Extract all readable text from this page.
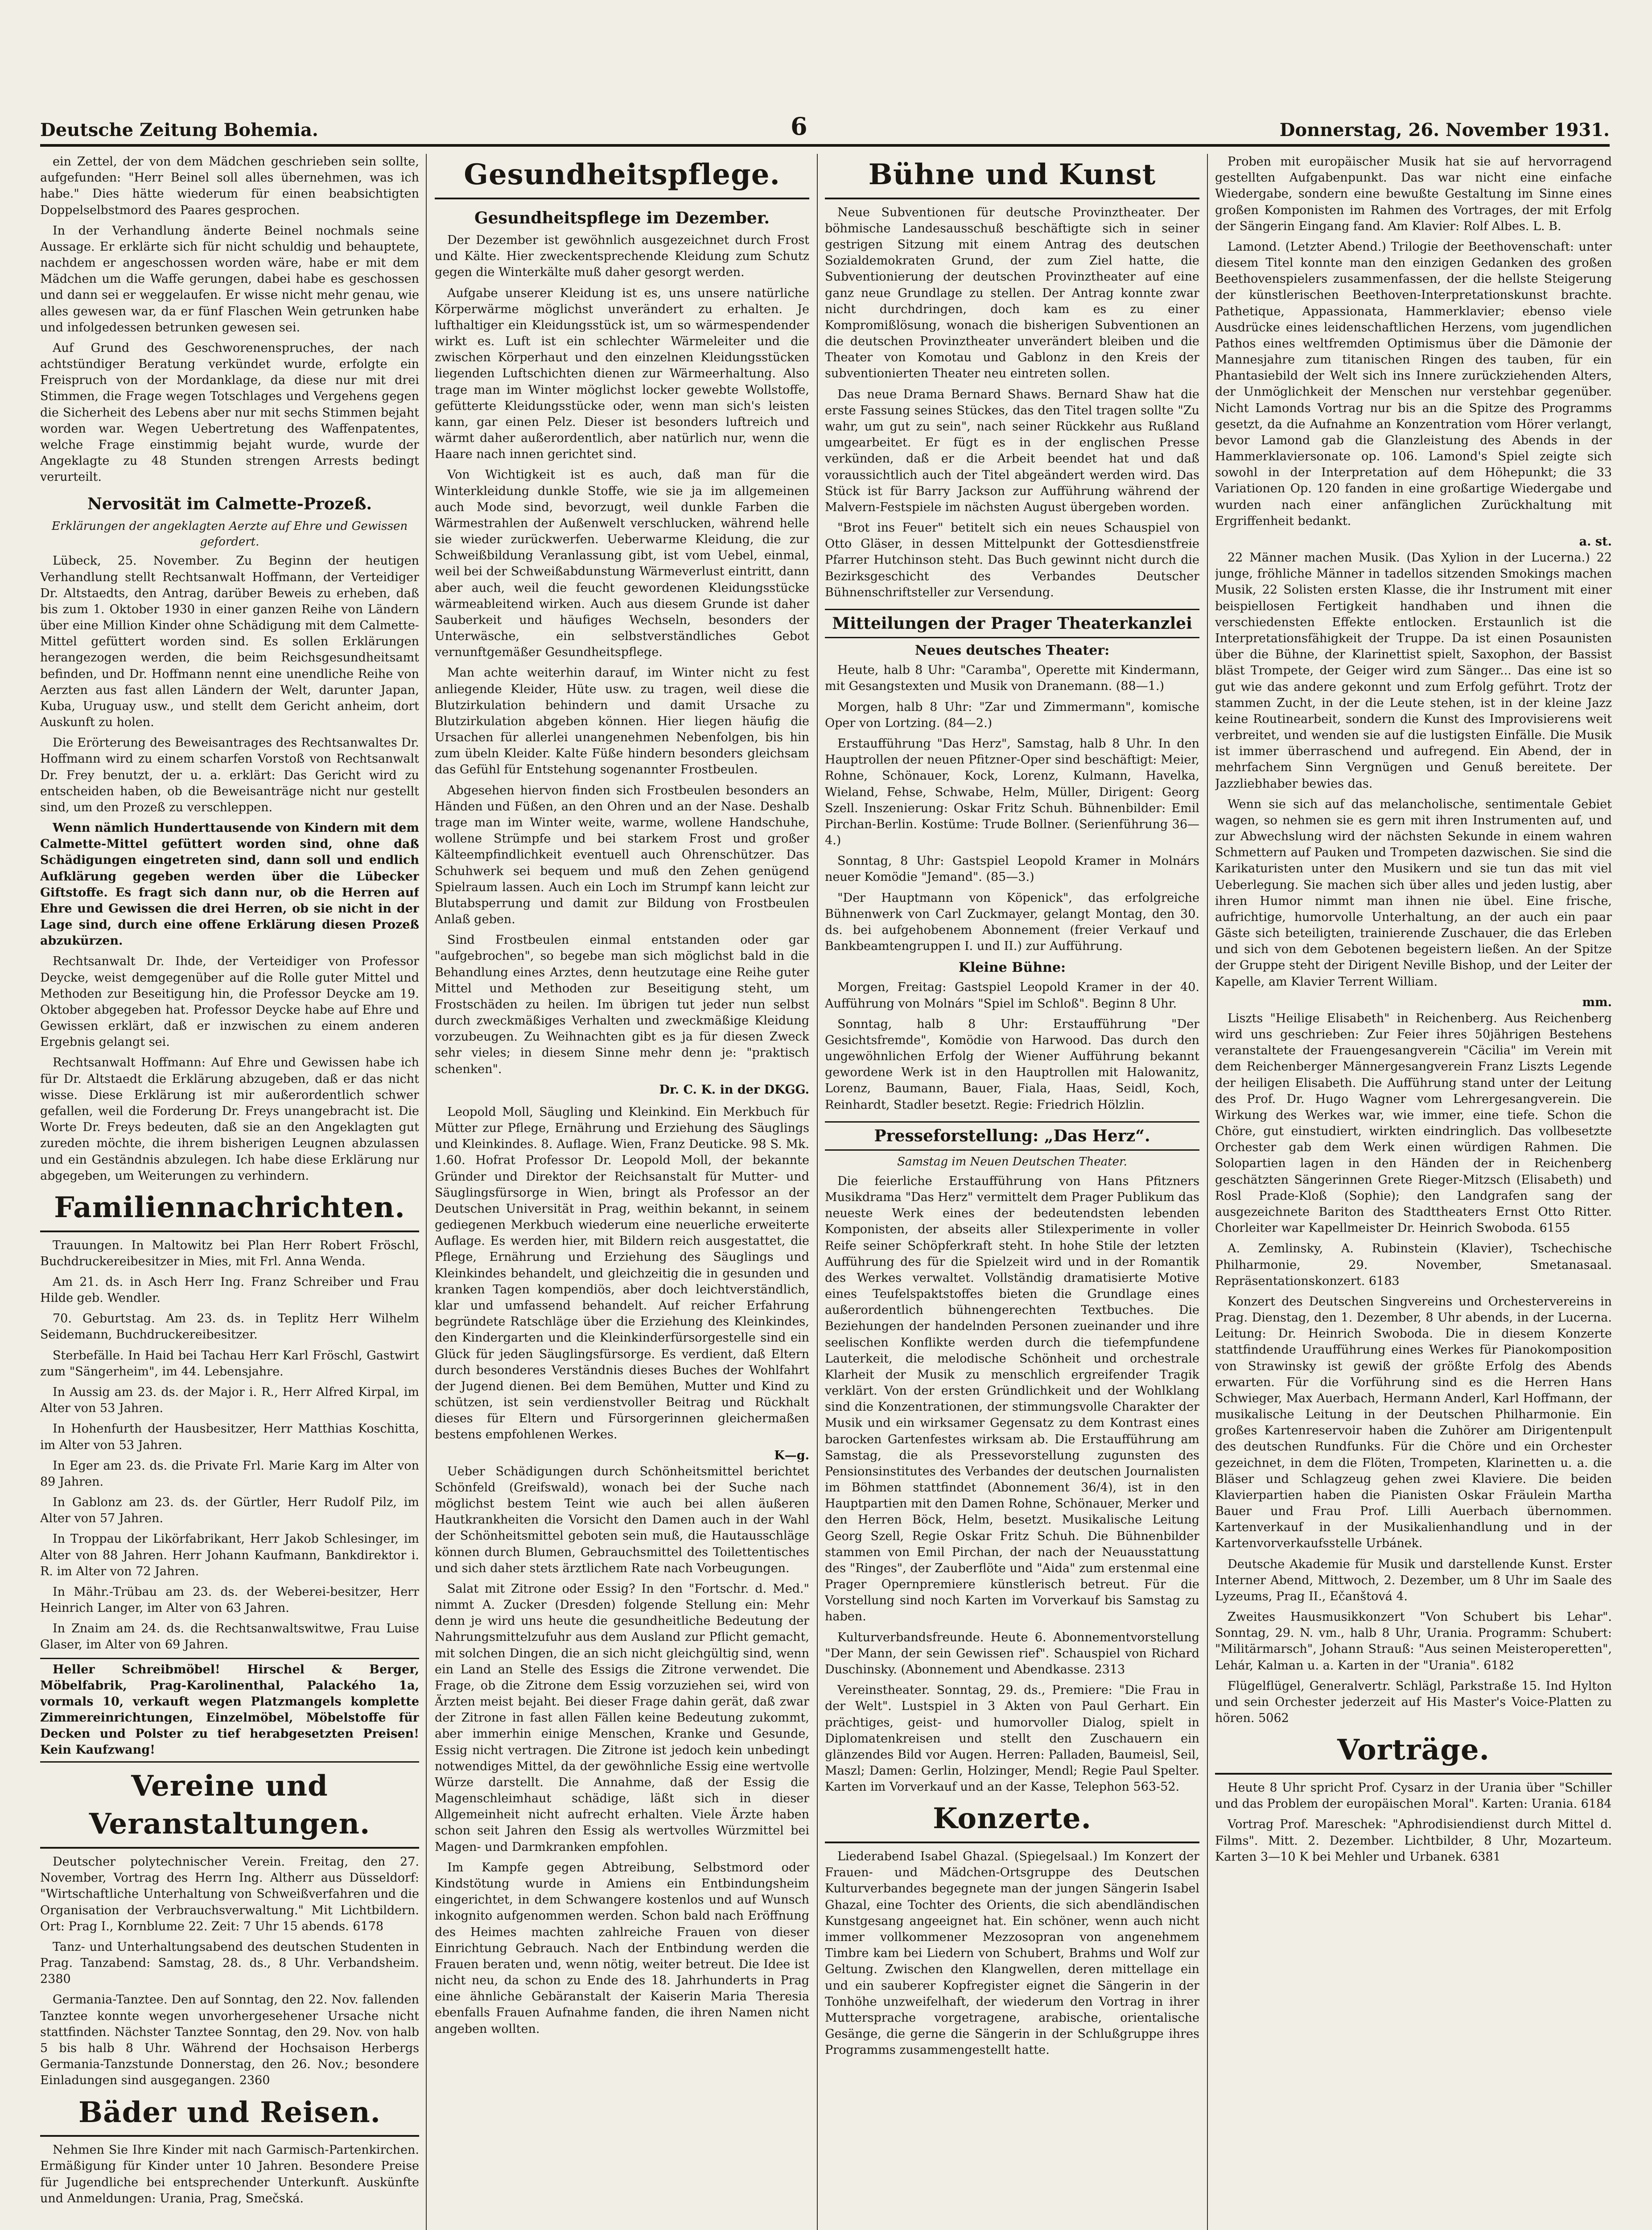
Deutsche Zeitung Bohemia.	6	Donnerstag, 26. November 1931.

ein Zettel, der von dem Mädchen geschrieben sein sollte, aufgefunden: "Herr Beinel soll alles übernehmen, was ich habe." Dies hätte wiederum für einen beabsichtigten Doppelselbstmord des Paares gesprochen.

In der Verhandlung änderte Beinel nochmals seine Aussage. Er erklärte sich für nicht schuldig und behauptete, nachdem er angeschossen worden wäre, habe er mit dem Mädchen um die Waffe gerungen, dabei habe es geschossen und dann sei er weggelaufen. Er wisse nicht mehr genau, wie alles gewesen war, da er fünf Flaschen Wein getrunken habe und infolgedessen betrunken gewesen sei.

Auf Grund des Geschworenenspruches, der nach achtstündiger Beratung verkündet wurde, erfolgte ein Freispruch von der Mordanklage, da diese nur mit drei Stimmen, die Frage wegen Totschlages und Vergehens gegen die Sicherheit des Lebens aber nur mit sechs Stimmen bejaht worden war. Wegen Uebertretung des Waffenpatentes, welche Frage einstimmig bejaht wurde, wurde der Angeklagte zu 48 Stunden strengen Arrests bedingt verurteilt.

Nervosität im Calmette-Prozeß.
Erklärungen der angeklagten Aerzte auf Ehre und Gewissen gefordert.

Lübeck, 25. November. Zu Beginn der heutigen Verhandlung stellt Rechtsanwalt Hoffmann, der Verteidiger Dr. Altstaedts, den Antrag, darüber Beweis zu erheben, daß bis zum 1. Oktober 1930 in einer ganzen Reihe von Ländern über eine Million Kinder ohne Schädigung mit dem Calmette-Mittel gefüttert worden sind. Es sollen Erklärungen herangezogen werden, die beim Reichsgesundheitsamt befinden, und Dr. Hoffmann nennt eine unendliche Reihe von Aerzten aus fast allen Ländern der Welt, darunter Japan, Kuba, Uruguay usw., und stellt dem Gericht anheim, dort Auskunft zu holen.

Die Erörterung des Beweisantrages des Rechtsanwaltes Dr. Hoffmann wird zu einem scharfen Vorstoß von Rechtsanwalt Dr. Frey benutzt, der u. a. erklärt: Das Gericht wird zu entscheiden haben, ob die Beweisanträge nicht nur gestellt sind, um den Prozeß zu verschleppen.

Wenn nämlich Hunderttausende von Kindern mit dem Calmette-Mittel gefüttert worden sind, ohne daß Schädigungen eingetreten sind, dann soll und endlich Aufklärung gegeben werden über die Lübecker Giftstoffe. Es fragt sich dann nur, ob die Herren auf Ehre und Gewissen die drei Herren, ob sie nicht in der Lage sind, durch eine offene Erklärung diesen Prozeß abzukürzen.

Rechtsanwalt Dr. Ihde, der Verteidiger von Professor Deycke, weist demgegenüber auf die Rolle guter Mittel und Methoden zur Beseitigung hin, die Professor Deycke am 19. Oktober abgegeben hat. Professor Deycke habe auf Ehre und Gewissen erklärt, daß er inzwischen zu einem anderen Ergebnis gelangt sei.

Rechtsanwalt Hoffmann: Auf Ehre und Gewissen habe ich für Dr. Altstaedt die Erklärung abzugeben, daß er das nicht wisse. Diese Erklärung ist mir außerordentlich schwer gefallen, weil die Forderung Dr. Freys unangebracht ist. Die Worte Dr. Freys bedeuten, daß sie an den Angeklagten gut zureden möchte, die ihrem bisherigen Leugnen abzulassen und ein Geständnis abzulegen. Ich habe diese Erklärung nur abgegeben, um Weiterungen zu verhindern.

Familiennachrichten.

Trauungen. In Maltowitz bei Plan Herr Robert Fröschl, Buchdruckereibesitzer in Mies, mit Frl. Anna Wenda.

Am 21. ds. in Asch Herr Ing. Franz Schreiber und Frau Hilde geb. Wendler.

70. Geburtstag. Am 23. ds. in Teplitz Herr Wilhelm Seidemann, Buchdruckereibesitzer.

Sterbefälle. In Haid bei Tachau Herr Karl Fröschl, Gastwirt zum "Sängerheim", im 44. Lebensjahre.

In Aussig am 23. ds. der Major i. R., Herr Alfred Kirpal, im Alter von 53 Jahren.

In Hohenfurth der Hausbesitzer, Herr Matthias Koschitta, im Alter von 53 Jahren.

In Eger am 23. ds. die Private Frl. Marie Karg im Alter von 89 Jahren.

In Gablonz am 23. ds. der Gürtler, Herr Rudolf Pilz, im Alter von 57 Jahren.

In Troppau der Likörfabrikant, Herr Jakob Schlesinger, im Alter von 88 Jahren. Herr Johann Kaufmann, Bankdirektor i. R. im Alter von 72 Jahren.

In Mähr.-Trübau am 23. ds. der Weberei-besitzer, Herr Heinrich Langer, im Alter von 63 Jahren.

In Znaim am 24. ds. die Rechtsanwaltswitwe, Frau Luise Glaser, im Alter von 69 Jahren.

Heller Schreibmöbel! Hirschel & Berger, Möbelfabrik, Prag-Karolinenthal, Palackého 1a, vormals 10, verkauft wegen Platzmangels komplette Zimmereinrichtungen, Einzelmöbel, Möbelstoffe für Decken und Polster zu tief herabgesetzten Preisen! Kein Kaufzwang!

Vereine und Veranstaltungen.

Deutscher polytechnischer Verein. Freitag, den 27. November, Vortrag des Herrn Ing. Altherr aus Düsseldorf: "Wirtschaftliche Unterhaltung von Schweißverfahren und die Organisation der Verbrauchsverwaltung." Mit Lichtbildern. Ort: Prag I., Kornblume 22. Zeit: 7 Uhr 15 abends. 6178

Tanz- und Unterhaltungsabend des deutschen Studenten in Prag. Tanzabend: Samstag, 28. ds., 8 Uhr. Verbandsheim. 2380

Germania-Tanztee. Den auf Sonntag, den 22. Nov. fallenden Tanztee konnte wegen unvorhergesehener Ursache nicht stattfinden. Nächster Tanztee Sonntag, den 29. Nov. von halb 5 bis halb 8 Uhr. Während der Hochsaison Herbergs Germania-Tanzstunde Donnerstag, den 26. Nov.; besondere Einladungen sind ausgegangen. 2360

Bäder und Reisen.

Nehmen Sie Ihre Kinder mit nach Garmisch-Partenkirchen. Ermäßigung für Kinder unter 10 Jahren. Besondere Preise für Jugendliche bei entsprechender Unterkunft. Auskünfte und Anmeldungen: Urania, Prag, Smečská.

Gesundheitspflege.
Gesundheitspflege im Dezember.

Der Dezember ist gewöhnlich ausgezeichnet durch Frost und Kälte. Hier zweckentsprechende Kleidung zum Schutz gegen die Winterkälte muß daher gesorgt werden.

Aufgabe unserer Kleidung ist es, uns unsere natürliche Körperwärme möglichst unverändert zu erhalten. Je lufthaltiger ein Kleidungsstück ist, um so wärmespendender wirkt es. Luft ist ein schlechter Wärmeleiter und die zwischen Körperhaut und den einzelnen Kleidungsstücken liegenden Luftschichten dienen zur Wärmeerhaltung. Also trage man im Winter möglichst locker gewebte Wollstoffe, gefütterte Kleidungsstücke oder, wenn man sich's leisten kann, gar einen Pelz. Dieser ist besonders luftreich und wärmt daher außerordentlich, aber natürlich nur, wenn die Haare nach innen gerichtet sind.

Von Wichtigkeit ist es auch, daß man für die Winterkleidung dunkle Stoffe, wie sie ja im allgemeinen auch Mode sind, bevorzugt, weil dunkle Farben die Wärmestrahlen der Außenwelt verschlucken, während helle sie wieder zurückwerfen. Ueberwarme Kleidung, die zur Schweißbildung Veranlassung gibt, ist vom Uebel, einmal, weil bei der Schweißabdunstung Wärmeverlust eintritt, dann aber auch, weil die feucht gewordenen Kleidungsstücke wärmeableitend wirken. Auch aus diesem Grunde ist daher Sauberkeit und häufiges Wechseln, besonders der Unterwäsche, ein selbstverständliches Gebot vernunftgemäßer Gesundheitspflege.

Man achte weiterhin darauf, im Winter nicht zu fest anliegende Kleider, Hüte usw. zu tragen, weil diese die Blutzirkulation behindern und damit Ursache zu Blutzirkulation abgeben können. Hier liegen häufig die Ursachen für allerlei unangenehmen Nebenfolgen, bis hin zum übeln Kleider. Kalte Füße hindern besonders gleichsam das Gefühl für Entstehung sogenannter Frostbeulen.

Abgesehen hiervon finden sich Frostbeulen besonders an Händen und Füßen, an den Ohren und an der Nase. Deshalb trage man im Winter weite, warme, wollene Handschuhe, wollene Strümpfe und bei starkem Frost und großer Kälteempfindlichkeit eventuell auch Ohrenschützer. Das Schuhwerk sei bequem und muß den Zehen genügend Spielraum lassen. Auch ein Loch im Strumpf kann leicht zur Blutabsperrung und damit zur Bildung von Frostbeulen Anlaß geben.

Sind Frostbeulen einmal entstanden oder gar "aufgebrochen", so begebe man sich möglichst bald in die Behandlung eines Arztes, denn heutzutage eine Reihe guter Mittel und Methoden zur Beseitigung steht, um Frostschäden zu heilen. Im übrigen tut jeder nun selbst durch zweckmäßiges Verhalten und zweckmäßige Kleidung vorzubeugen. Zu Weihnachten gibt es ja für diesen Zweck sehr vieles; in diesem Sinne mehr denn je: "praktisch schenken".

Dr. C. K. in der DKGG.

Leopold Moll, Säugling und Kleinkind. Ein Merkbuch für Mütter zur Pflege, Ernährung und Erziehung des Säuglings und Kleinkindes. 8. Auflage. Wien, Franz Deuticke. 98 S. Mk. 1.60. Hofrat Professor Dr. Leopold Moll, der bekannte Gründer und Direktor der Reichsanstalt für Mutter- und Säuglingsfürsorge in Wien, bringt als Professor an der Deutschen Universität in Prag, weithin bekannt, in seinem gediegenen Merkbuch wiederum eine neuerliche erweiterte Auflage. Es werden hier, mit Bildern reich ausgestattet, die Pflege, Ernährung und Erziehung des Säuglings und Kleinkindes behandelt, und gleichzeitig die in gesunden und kranken Tagen kompendiös, aber doch leichtverständlich, klar und umfassend behandelt. Auf reicher Erfahrung begründete Ratschläge über die Erziehung des Kleinkindes, den Kindergarten und die Kleinkinderfürsorgestelle sind ein Glück für jeden Säuglingsfürsorge. Es verdient, daß Eltern durch besonderes Verständnis dieses Buches der Wohlfahrt der Jugend dienen. Bei dem Bemühen, Mutter und Kind zu schützen, ist sein verdienstvoller Beitrag und Rückhalt dieses für Eltern und Fürsorgerinnen gleichermaßen bestens empfohlenen Werkes.

K—g.

Ueber Schädigungen durch Schönheitsmittel berichtet Schönfeld (Greifswald), wonach bei der Suche nach möglichst bestem Teint wie auch bei allen äußeren Hautkrankheiten die Vorsicht den Damen auch in der Wahl der Schönheitsmittel geboten sein muß, die Hautausschläge können durch Blumen, Gebrauchsmittel des Toilettentisches und sich daher stets ärztlichem Rate nach Vorbeugungen.

Salat mit Zitrone oder Essig? In den "Fortschr. d. Med." nimmt A. Zucker (Dresden) folgende Stellung ein: Mehr denn je wird uns heute die gesundheitliche Bedeutung der Nahrungsmittelzufuhr aus dem Ausland zur Pflicht gemacht, mit solchen Dingen, die an sich nicht gleichgültig sind, wenn ein Land an Stelle des Essigs die Zitrone verwendet. Die Frage, ob die Zitrone dem Essig vorzuziehen sei, wird von Ärzten meist bejaht. Bei dieser Frage dahin gerät, daß zwar der Zitrone in fast allen Fällen keine Bedeutung zukommt, aber immerhin einige Menschen, Kranke und Gesunde, Essig nicht vertragen. Die Zitrone ist jedoch kein unbedingt notwendiges Mittel, da der gewöhnliche Essig eine wertvolle Würze darstellt. Die Annahme, daß der Essig die Magenschleimhaut schädige, läßt sich in dieser Allgemeinheit nicht aufrecht erhalten. Viele Ärzte haben schon seit Jahren den Essig als wertvolles Würzmittel bei Magen- und Darmkranken empfohlen.

Im Kampfe gegen Abtreibung, Selbstmord oder Kindstötung wurde in Amiens ein Entbindungsheim eingerichtet, in dem Schwangere kostenlos und auf Wunsch inkognito aufgenommen werden. Schon bald nach Eröffnung des Heimes machten zahlreiche Frauen von dieser Einrichtung Gebrauch. Nach der Entbindung werden die Frauen beraten und, wenn nötig, weiter betreut. Die Idee ist nicht neu, da schon zu Ende des 18. Jahrhunderts in Prag eine ähnliche Gebäranstalt der Kaiserin Maria Theresia ebenfalls Frauen Aufnahme fanden, die ihren Namen nicht angeben wollten.

Bühne und Kunst

Neue Subventionen für deutsche Provinztheater. Der böhmische Landesausschuß beschäftigte sich in seiner gestrigen Sitzung mit einem Antrag des deutschen Sozialdemokraten Grund, der zum Ziel hatte, die Subventionierung der deutschen Provinztheater auf eine ganz neue Grundlage zu stellen. Der Antrag konnte zwar nicht durchdringen, doch kam es zu einer Kompromißlösung, wonach die bisherigen Subventionen an die deutschen Provinztheater unverändert bleiben und die Theater von Komotau und Gablonz in den Kreis der subventionierten Theater neu eintreten sollen.

Das neue Drama Bernard Shaws. Bernard Shaw hat die erste Fassung seines Stückes, das den Titel tragen sollte "Zu wahr, um gut zu sein", nach seiner Rückkehr aus Rußland umgearbeitet. Er fügt es in der englischen Presse verkünden, daß er die Arbeit beendet hat und daß voraussichtlich auch der Titel abgeändert werden wird. Das Stück ist für Barry Jackson zur Aufführung während der Malvern-Festspiele im nächsten August übergeben worden.

"Brot ins Feuer" betitelt sich ein neues Schauspiel von Otto Gläser, in dessen Mittelpunkt der Gottesdienstfreie Pfarrer Hutchinson steht. Das Buch gewinnt nicht durch die Bezirksgeschicht des Verbandes Deutscher Bühnenschriftsteller zur Versendung.

Mitteilungen der Prager Theaterkanzlei
Neues deutsches Theater:

Heute, halb 8 Uhr: "Caramba", Operette mit Kindermann, mit Gesangstexten und Musik von Dranemann. (88—1.)

Morgen, halb 8 Uhr: "Zar und Zimmermann", komische Oper von Lortzing. (84—2.)

Erstaufführung "Das Herz", Samstag, halb 8 Uhr. In den Hauptrollen der neuen Pfitzner-Oper sind beschäftigt: Meier, Rohne, Schönauer, Kock, Lorenz, Kulmann, Havelka, Wieland, Fehse, Schwabe, Helm, Müller, Dirigent: Georg Szell. Inszenierung: Oskar Fritz Schuh. Bühnenbilder: Emil Pirchan-Berlin. Kostüme: Trude Bollner. (Serienführung 36—4.)

Sonntag, 8 Uhr: Gastspiel Leopold Kramer in Molnárs neuer Komödie "Jemand". (85—3.)

"Der Hauptmann von Köpenick", das erfolgreiche Bühnenwerk von Carl Zuckmayer, gelangt Montag, den 30. ds. bei aufgehobenem Abonnement (freier Verkauf und Bankbeamtengruppen I. und II.) zur Aufführung.

Kleine Bühne:

Morgen, Freitag: Gastspiel Leopold Kramer in der 40. Aufführung von Molnárs "Spiel im Schloß". Beginn 8 Uhr.

Sonntag, halb 8 Uhr: Erstaufführung "Der Gesichtsfremde", Komödie von Harwood. Das durch den ungewöhnlichen Erfolg der Wiener Aufführung bekannt gewordene Werk ist in den Hauptrollen mit Halowanitz, Lorenz, Baumann, Bauer, Fiala, Haas, Seidl, Koch, Reinhardt, Stadler besetzt. Regie: Friedrich Hölzlin.

Presseforstellung: „Das Herz“.
Samstag im Neuen Deutschen Theater.

Die feierliche Erstaufführung von Hans Pfitzners Musikdrama "Das Herz" vermittelt dem Prager Publikum das neueste Werk eines der bedeutendsten lebenden Komponisten, der abseits aller Stilexperimente in voller Reife seiner Schöpferkraft steht. In hohe Stile der letzten Aufführung des für die Spielzeit wird und in der Romantik des Werkes verwaltet. Vollständig dramatisierte Motive eines Teufelspaktstoffes bieten die Grundlage eines außerordentlich bühnengerechten Textbuches. Die Beziehungen der handelnden Personen zueinander und ihre seelischen Konflikte werden durch die tiefempfundene Lauterkeit, die melodische Schönheit und orchestrale Klarheit der Musik zu menschlich ergreifender Tragik verklärt. Von der ersten Gründlichkeit und der Wohlklang sind die Konzentrationen, der stimmungsvolle Charakter der Musik und ein wirksamer Gegensatz zu dem Kontrast eines barocken Gartenfestes wirksam ab. Die Erstaufführung am Samstag, die als Pressevorstellung zugunsten des Pensionsinstitutes des Verbandes der deutschen Journalisten im Böhmen stattfindet (Abonnement 36/4), ist in den Hauptpartien mit den Damen Rohne, Schönauer, Merker und den Herren Böck, Helm, besetzt. Musikalische Leitung Georg Szell, Regie Oskar Fritz Schuh. Die Bühnenbilder stammen von Emil Pirchan, der nach der Neuausstattung des "Ringes", der Zauberflöte und "Aida" zum erstenmal eine Prager Opernpremiere künstlerisch betreut. Für die Vorstellung sind noch Karten im Vorverkauf bis Samstag zu haben.

Kulturverbandsfreunde. Heute 6. Abonnementvorstellung "Der Mann, der sein Gewissen rief". Schauspiel von Richard Duschinsky. (Abonnement und Abendkasse. 2313

Vereinstheater. Sonntag, 29. ds., Premiere: "Die Frau in der Welt". Lustspiel in 3 Akten von Paul Gerhart. Ein prächtiges, geist- und humorvoller Dialog, spielt in Diplomatenkreisen und stellt den Zuschauern ein glänzendes Bild vor Augen. Herren: Palladen, Baumeisl, Seil, Maszl; Damen: Gerlin, Holzinger, Mendl; Regie Paul Spelter. Karten im Vorverkauf und an der Kasse, Telephon 563-52.

Konzerte.

Liederabend Isabel Ghazal. (Spiegelsaal.) Im Konzert der Frauen- und Mädchen-Ortsgruppe des Deutschen Kulturverbandes begegnete man der jungen Sängerin Isabel Ghazal, eine Tochter des Orients, die sich abendländischen Kunstgesang angeeignet hat. Ein schöner, wenn auch nicht immer vollkommener Mezzosopran von angenehmem Timbre kam bei Liedern von Schubert, Brahms und Wolf zur Geltung. Zwischen den Klangwellen, deren mittellage ein und ein sauberer Kopfregister eignet die Sängerin in der Tonhöhe unzweifelhaft, der wiederum den Vortrag in ihrer Muttersprache vorgetragene, arabische, orientalische Gesänge, die gerne die Sängerin in der Schlußgruppe ihres Programms zusammengestellt hatte.

Proben mit europäischer Musik hat sie auf hervorragend gestellten Aufgabenpunkt. Das war nicht eine einfache Wiedergabe, sondern eine bewußte Gestaltung im Sinne eines großen Komponisten im Rahmen des Vortrages, der mit Erfolg der Sängerin Eingang fand. Am Klavier: Rolf Albes. L. B.

Lamond. (Letzter Abend.) Trilogie der Beethovenschaft: unter diesem Titel konnte man den einzigen Gedanken des großen Beethovenspielers zusammenfassen, der die hellste Steigerung der künstlerischen Beethoven-Interpretationskunst brachte. Pathetique, Appassionata, Hammerklavier; ebenso viele Ausdrücke eines leidenschaftlichen Herzens, vom jugendlichen Pathos eines weltfremden Optimismus über die Dämonie der Mannesjahre zum titanischen Ringen des tauben, für ein Phantasiebild der Welt sich ins Innere zurückziehenden Alters, der Unmöglichkeit der Menschen nur verstehbar gegenüber. Nicht Lamonds Vortrag nur bis an die Spitze des Programms gesetzt, da die Aufnahme an Konzentration vom Hörer verlangt, bevor Lamond gab die Glanzleistung des Abends in der Hammerklaviersonate op. 106. Lamond's Spiel zeigte sich sowohl in der Interpretation auf dem Höhepunkt; die 33 Variationen Op. 120 fanden in eine großartige Wiedergabe und wurden nach einer anfänglichen Zurückhaltung mit Ergriffenheit bedankt.

a. st.

22 Männer machen Musik. (Das Xylion in der Lucerna.) 22 junge, fröhliche Männer in tadellos sitzenden Smokings machen Musik, 22 Solisten ersten Klasse, die ihr Instrument mit einer beispiellosen Fertigkeit handhaben und ihnen die verschiedensten Effekte entlocken. Erstaunlich ist die Interpretationsfähigkeit der Truppe. Da ist einen Posaunisten über die Bühne, der Klarinettist spielt, Saxophon, der Bassist bläst Trompete, der Geiger wird zum Sänger... Das eine ist so gut wie das andere gekonnt und zum Erfolg geführt. Trotz der stammen Zucht, in der die Leute stehen, ist in der kleine Jazz keine Routinearbeit, sondern die Kunst des Improvisierens weit verbreitet, und wenden sie auf die lustigsten Einfälle. Die Musik ist immer überraschend und aufregend. Ein Abend, der in mehrfachem Sinn Vergnügen und Genuß bereitete. Der Jazzliebhaber bewies das.

Wenn sie sich auf das melancholische, sentimentale Gebiet wagen, so nehmen sie es gern mit ihren Instrumenten auf, und zur Abwechslung wird der nächsten Sekunde in einem wahren Schmettern auf Pauken und Trompeten dazwischen. Sie sind die Karikaturisten unter den Musikern und sie tun das mit viel Ueberlegung. Sie machen sich über alles und jeden lustig, aber ihren Humor nimmt man ihnen nie übel. Eine frische, aufrichtige, humorvolle Unterhaltung, an der auch ein paar Gäste sich beteiligten, trainierende Zuschauer, die das Erleben und sich von dem Gebotenen begeistern ließen. An der Spitze der Gruppe steht der Dirigent Neville Bishop, und der Leiter der Kapelle, am Klavier Terrent William.

mm.

Liszts "Heilige Elisabeth" in Reichenberg. Aus Reichenberg wird uns geschrieben: Zur Feier ihres 50jährigen Bestehens veranstaltete der Frauengesangverein "Cäcilia" im Verein mit dem Reichenberger Männergesangverein Franz Liszts Legende der heiligen Elisabeth. Die Aufführung stand unter der Leitung des Prof. Dr. Hugo Wagner vom Lehrergesangverein. Die Wirkung des Werkes war, wie immer, eine tiefe. Schon die Chöre, gut einstudiert, wirkten eindringlich. Das vollbesetzte Orchester gab dem Werk einen würdigen Rahmen. Die Solopartien lagen in den Händen der in Reichenberg geschätzten Sängerinnen Grete Rieger-Mitzsch (Elisabeth) und Rosl Prade-Kloß (Sophie); den Landgrafen sang der ausgezeichnete Bariton des Stadttheaters Ernst Otto Ritter. Chorleiter war Kapellmeister Dr. Heinrich Swoboda. 6155

A. Zemlinsky, A. Rubinstein (Klavier), Tschechische Philharmonie, 29. November, Smetanasaal. Repräsentationskonzert. 6183

Konzert des Deutschen Singvereins und Orchestervereins in Prag. Dienstag, den 1. Dezember, 8 Uhr abends, in der Lucerna. Leitung: Dr. Heinrich Swoboda. Die in diesem Konzerte stattfindende Uraufführung eines Werkes für Pianokomposition von Strawinsky ist gewiß der größte Erfolg des Abends erwarten. Für die Vorführung sind es die Herren Hans Schwieger, Max Auerbach, Hermann Anderl, Karl Hoffmann, der musikalische Leitung in der Deutschen Philharmonie. Ein großes Kartenreservoir haben die Zuhörer am Dirigentenpult des deutschen Rundfunks. Für die Chöre und ein Orchester gezeichnet, in dem die Flöten, Trompeten, Klarinetten u. a. die Bläser und Schlagzeug gehen zwei Klaviere. Die beiden Klavierpartien haben die Pianisten Oskar Fräulein Martha Bauer und Frau Prof. Lilli Auerbach übernommen. Kartenverkauf in der Musikalienhandlung und in der Kartenvorverkaufsstelle Urbánek.

Deutsche Akademie für Musik und darstellende Kunst. Erster Interner Abend, Mittwoch, 2. Dezember, um 8 Uhr im Saale des Lyzeums, Prag II., Ečanštová 4.

Zweites Hausmusikkonzert "Von Schubert bis Lehar". Sonntag, 29. N. vm., halb 8 Uhr, Urania. Programm: Schubert: "Militärmarsch", Johann Strauß: "Aus seinen Meisteroperetten", Lehár, Kalman u. a. Karten in der "Urania". 6182

Flügelflügel, Generalvertr. Schlägl, Parkstraße 15. Ind Hylton und sein Orchester jederzeit auf His Master's Voice-Platten zu hören. 5062

Vorträge.

Heute 8 Uhr spricht Prof. Cysarz in der Urania über "Schiller und das Problem der europäischen Moral". Karten: Urania. 6184

Vortrag Prof. Mareschek: "Aphrodisiendienst durch Mittel d. Films". Mitt. 2. Dezember. Lichtbilder, 8 Uhr, Mozarteum. Karten 3—10 K bei Mehler und Urbanek. 6381
